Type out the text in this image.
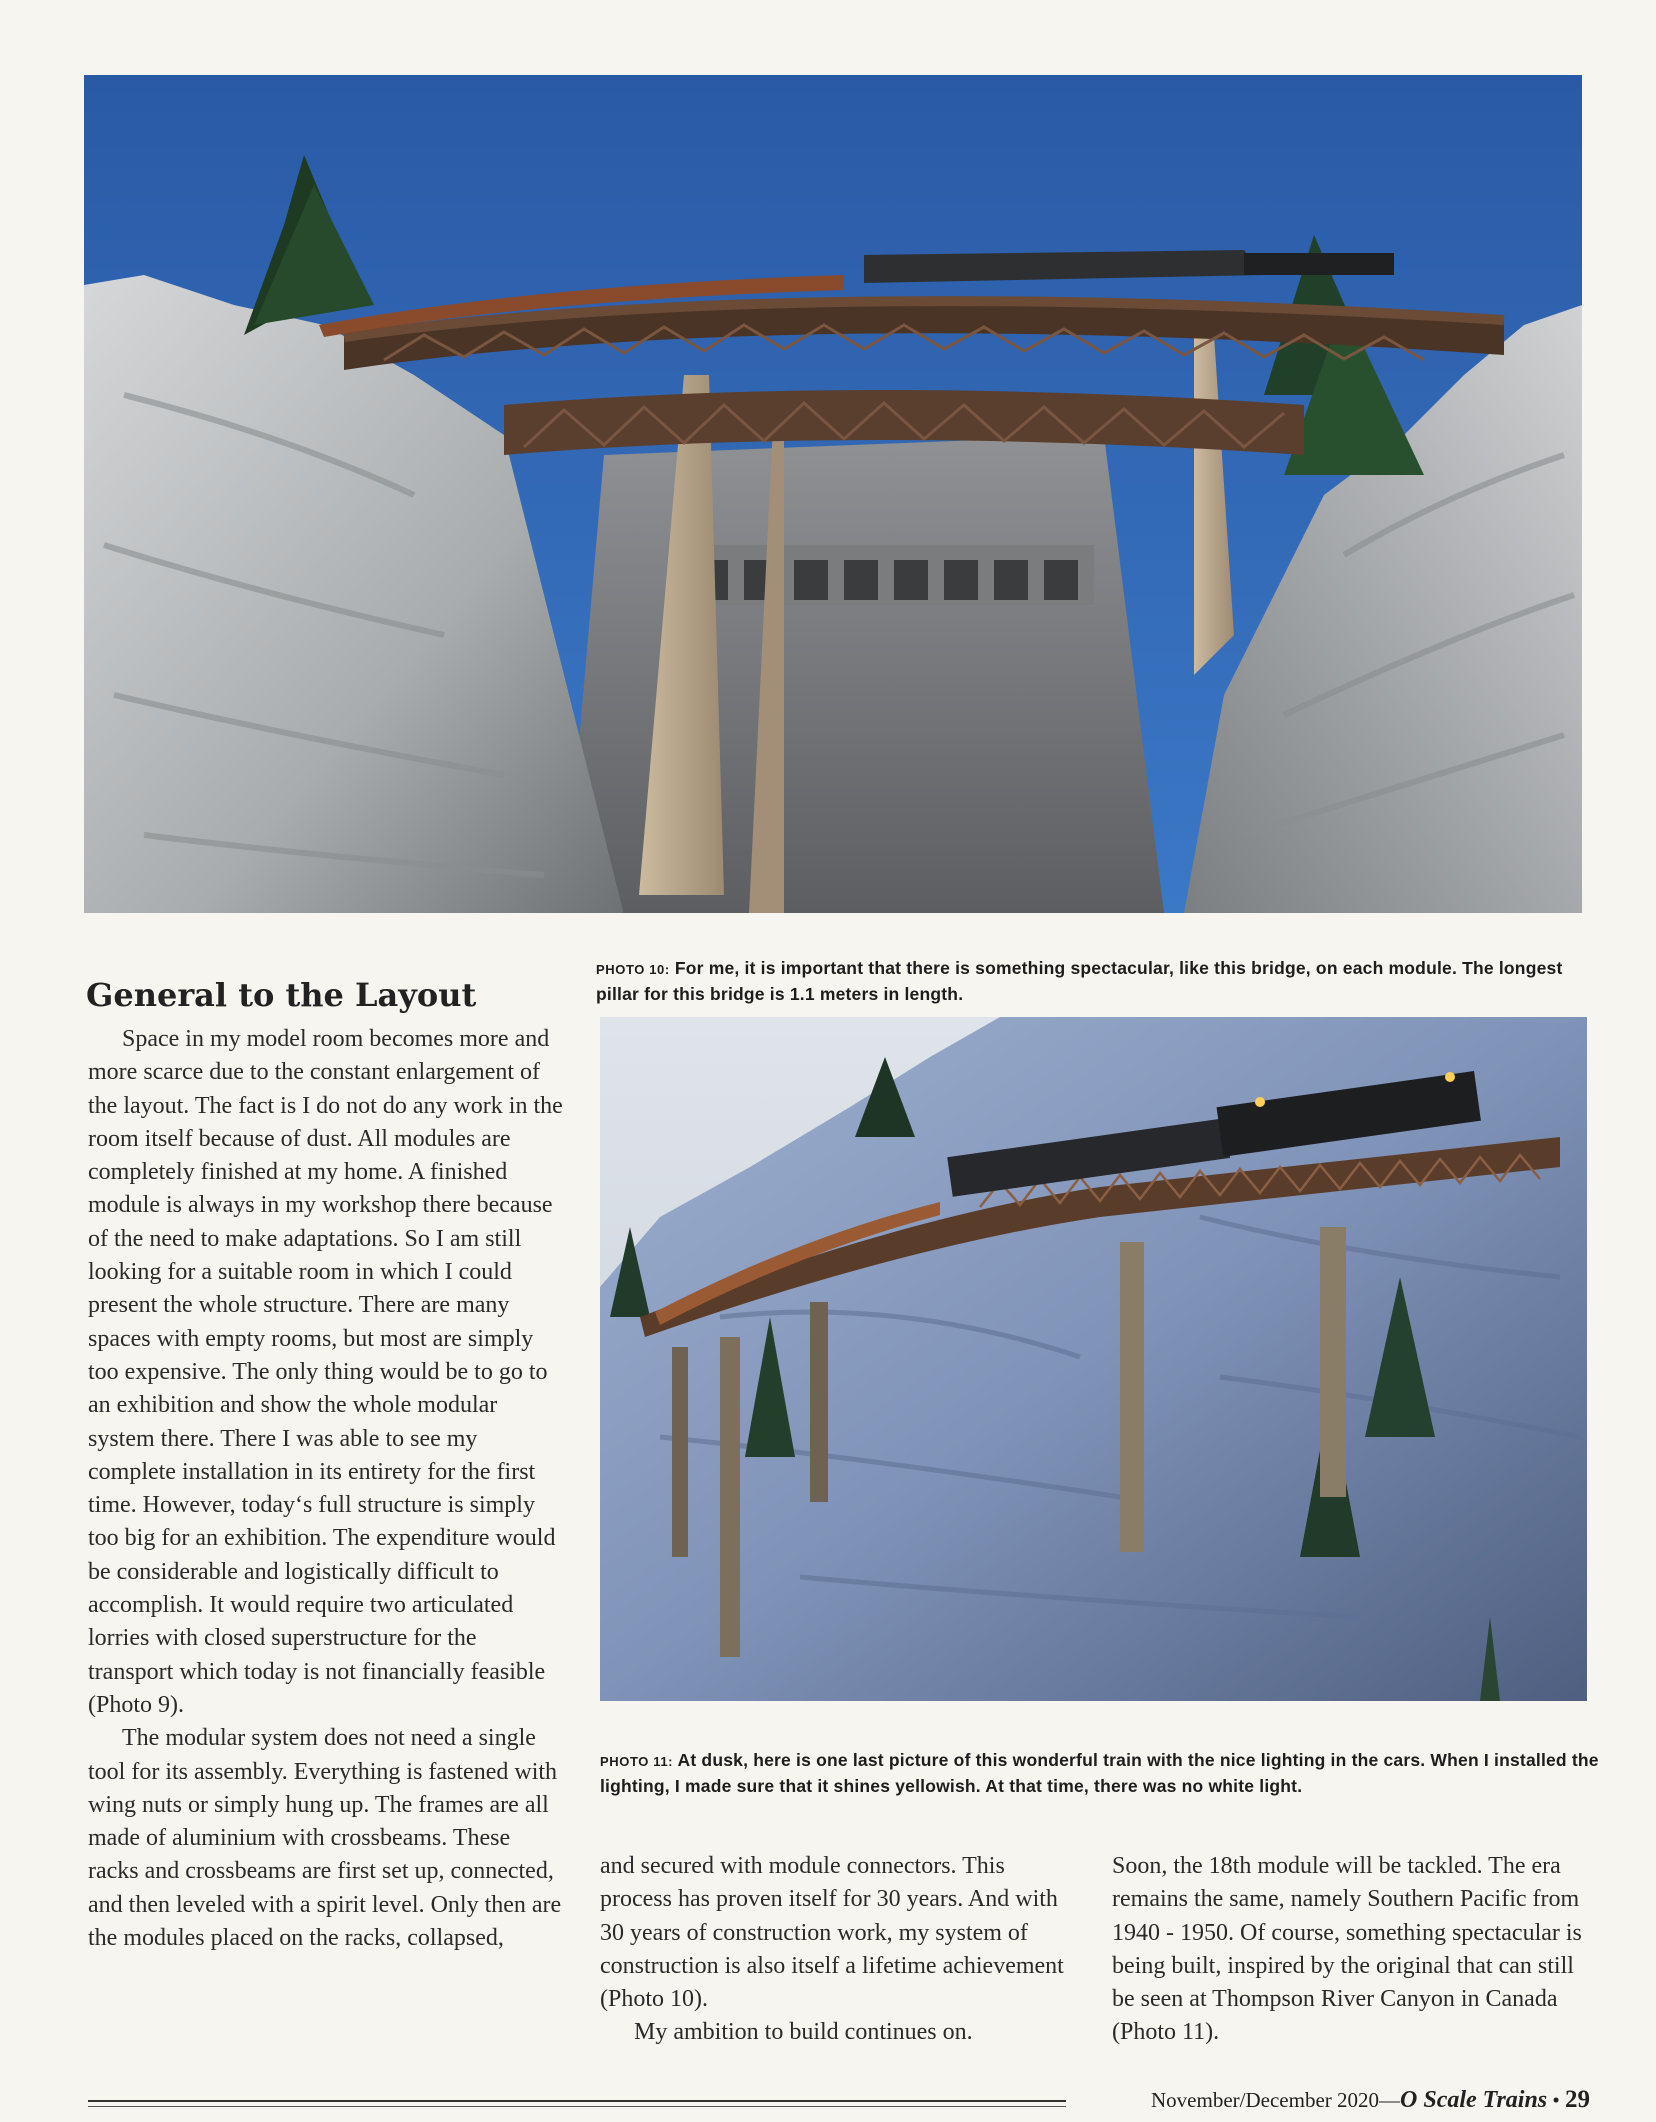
PHOTO 10: For me, it is important that there is something spectacular, like this bridge, on each module. The longest pillar for this bridge is 1.1 meters in length.

General to the Layout

PHOTO 11: At dusk, here is one last picture of this wonderful train with the nice lighting in the cars. When I installed the lighting, I made sure that it shines yellowish. At that time, there was no white light.

Space in my model room becomes more and more scarce due to the constant enlargement of the layout. The fact is I do not do any work in the room itself because of dust. All modules are completely finished at my home. A finished module is always in my workshop there because of the need to make adaptations. So I am still looking for a suitable room in which I could present the whole structure. There are many spaces with empty rooms, but most are simply too expensive. The only thing would be to go to an exhibition and show the whole modular system there. There I was able to see my complete installation in its entirety for the first time. However, today‘s full structure is simply too big for an exhibition. The expenditure would be considerable and logistically difficult to accomplish. It would require two articulated lorries with closed superstructure for the transport which today is not financially feasible (Photo 9).

The modular system does not need a single tool for its assembly. Everything is fastened with wing nuts or simply hung up. The frames are all made of aluminium with crossbeams. These racks and crossbeams are first set up, connected, and then leveled with a spirit level. Only then are the modules placed on the racks, collapsed,

and secured with module connectors. This process has proven itself for 30 years. And with 30 years of construction work, my system of construction is also itself a lifetime achievement (Photo 10).

My ambition to build continues on.

Soon, the 18th module will be tackled. The era remains the same, namely Southern Pacific from 1940 - 1950. Of course, something spectacular is being built, inspired by the original that can still be seen at Thompson River Canyon in Canada (Photo 11).

November/December 2020—O Scale Trains • 29
